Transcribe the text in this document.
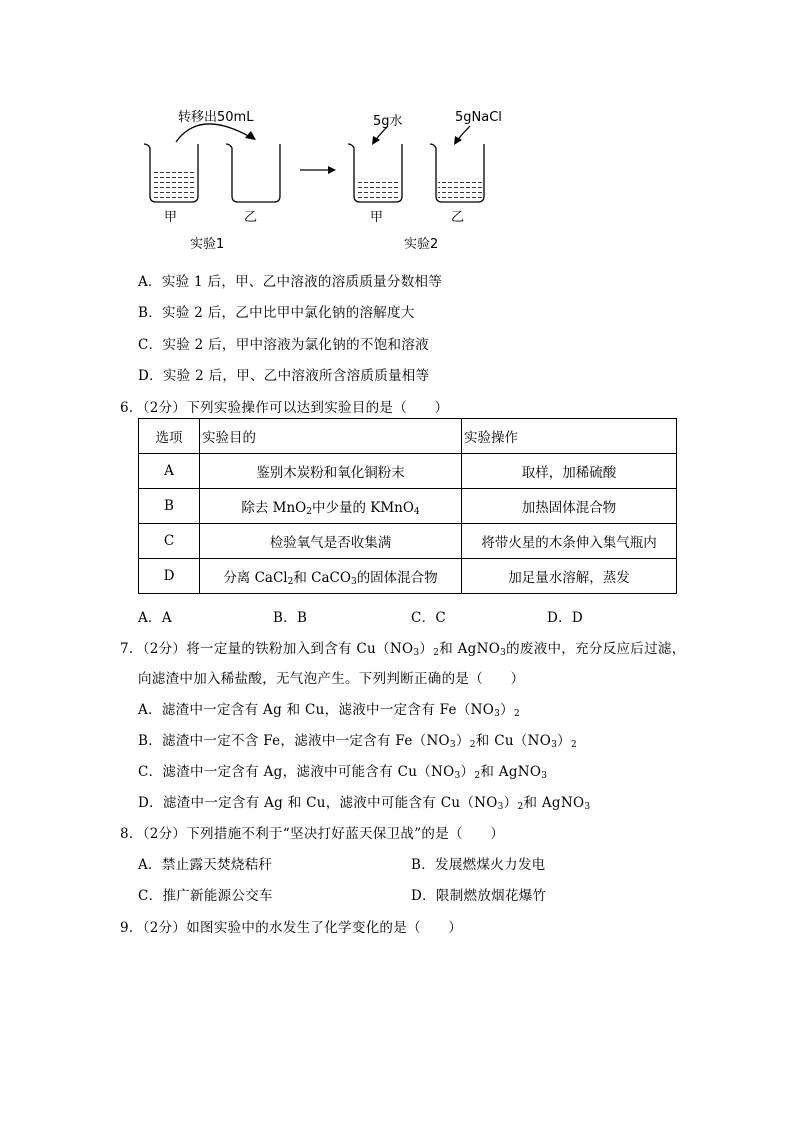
转移出50mL	5g水	5gNaCl
甲	乙	甲	乙
实验1	实验2
A．实验 1 后，甲、乙中溶液的溶质质量分数相等
B．实验 2 后，乙中比甲中氯化钠的溶解度大
C．实验 2 后，甲中溶液为氯化钠的不饱和溶液
D．实验 2 后，甲、乙中溶液所含溶质质量相等
6．（2分）下列实验操作可以达到实验目的是（　　）
选项	实验目的	实验操作
A	鉴别木炭粉和氧化铜粉末	取样，加稀硫酸
B	除去 MnO$_2$中少量的 KMnO$_4$	加热固体混合物
C	检验氧气是否收集满	将带火星的木条伸入集气瓶内
D	分离 CaCl$_2$和 CaCO$_3$的固体混合物	加足量水溶解，蒸发
A．A	B．B	C．C	D．D
7．（2分）将一定量的铁粉加入到含有 $Cu(NO_3)_2$和 AgNO$_3$的废液中，充分反应后过滤，
向滤渣中加入稀盐酸，无气泡产生。下列判断正确的是（　　）
A．滤渣中一定含有 Ag 和 Cu，滤液中一定含有 $Fe(NO_3)_2$
B．滤渣中一定不含 Fe，滤液中一定含有 $Fe(NO_3)_2$和 $Cu(NO_3)_2$
C．滤渣中一定含有 Ag，滤液中可能含有 $Cu(NO_3)_2$和 AgNO$_3$
D．滤渣中一定含有 Ag 和 Cu，滤液中可能含有 $Cu(NO_3)_2$和 AgNO$_3$
8．（2分）下列措施不利于“坚决打好蓝天保卫战”的是（　　）
A．禁止露天焚烧秸秆	B．发展燃煤火力发电
C．推广新能源公交车	D．限制燃放烟花爆竹
9．（2分）如图实验中的水发生了化学变化的是（　　）
